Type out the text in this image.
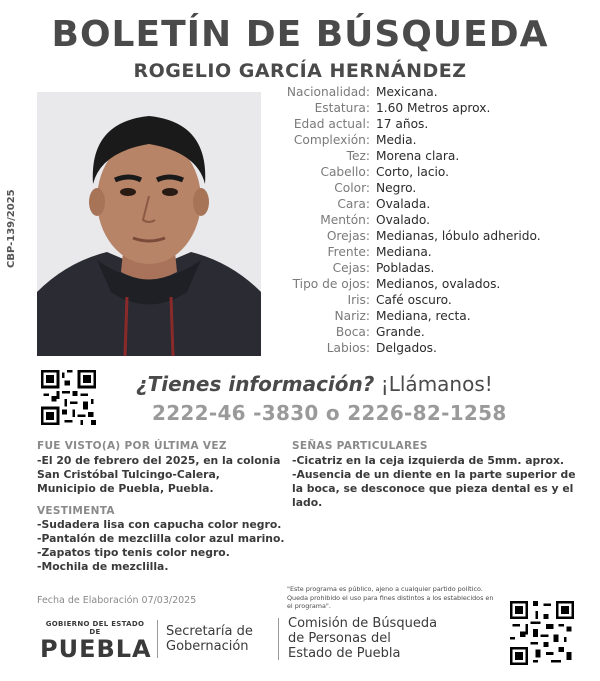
BOLETÍN DE BÚSQUEDA
ROGELIO GARCÍA HERNÁNDEZ
CBP-139/2025
Nacionalidad: Mexicana.
Estatura: 1.60 Metros aprox.
Edad actual: 17 años.
Complexión: Media.
Tez: Morena clara.
Cabello: Corto, lacio.
Color: Negro.
Cara: Ovalada.
Mentón: Ovalado.
Orejas: Medianas, lóbulo adherido.
Frente: Mediana.
Cejas: Pobladas.
Tipo de ojos: Medianos, ovalados.
Iris: Café oscuro.
Nariz: Mediana, recta.
Boca: Grande.
Labios: Delgados.
¿Tienes información? ¡Llámanos!
2222-46 -3830 o 2226-82-1258
FUE VISTO(A) POR ÚLTIMA VEZ
-El 20 de febrero del 2025, en la colonia
San Cristóbal Tulcingo-Calera,
Municipio de Puebla, Puebla.
VESTIMENTA
-Sudadera lisa con capucha color negro.
-Pantalón de mezclilla color azul marino.
-Zapatos tipo tenis color negro.
-Mochila de mezclilla.
SEÑAS PARTICULARES
-Cicatriz en la ceja izquierda de 5mm. aprox.
-Ausencia de un diente en la parte superior de
la boca, se desconoce que pieza dental es y el
lado.
Fecha de Elaboración 07/03/2025
"Este programa es público, ajeno a cualquier partido político. Queda prohibido el uso para fines distintos a los establecidos en el programa".
GOBIERNO DEL ESTADO DE
PUEBLA
Secretaría de
Gobernación
Comisión de Búsqueda
de Personas del
Estado de Puebla
